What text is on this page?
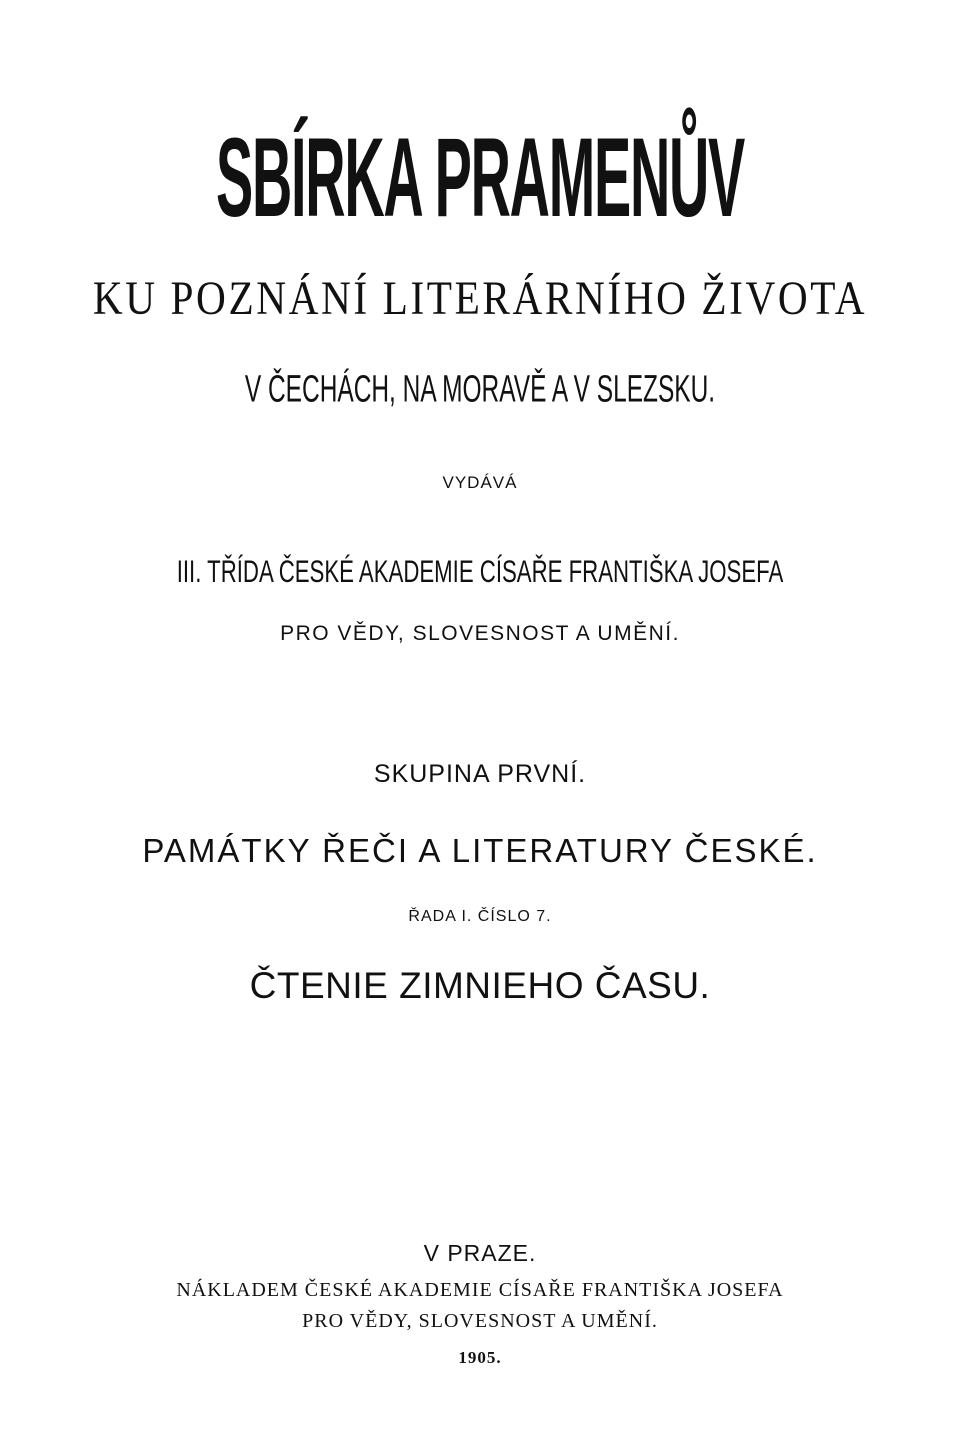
SBÍRKA PRAMENŮV
KU POZNÁNÍ LITERÁRNÍHO ŽIVOTA
V ČECHÁCH, NA MORAVĚ A V SLEZSKU.
VYDÁVÁ
III. TŘÍDA ČESKÉ AKADEMIE CÍSAŘE FRANTIŠKA JOSEFA
PRO VĚDY, SLOVESNOST A UMĚNÍ.
SKUPINA PRVNÍ.
PAMÁTKY ŘEČI A LITERATURY ČESKÉ.
ŘADA I. ČÍSLO 7.
ČTENIE ZIMNIEHO ČASU.
V PRAZE.
NÁKLADEM ČESKÉ AKADEMIE CÍSAŘE FRANTIŠKA JOSEFA
PRO VĚDY, SLOVESNOST A UMĚNÍ.
1905.
